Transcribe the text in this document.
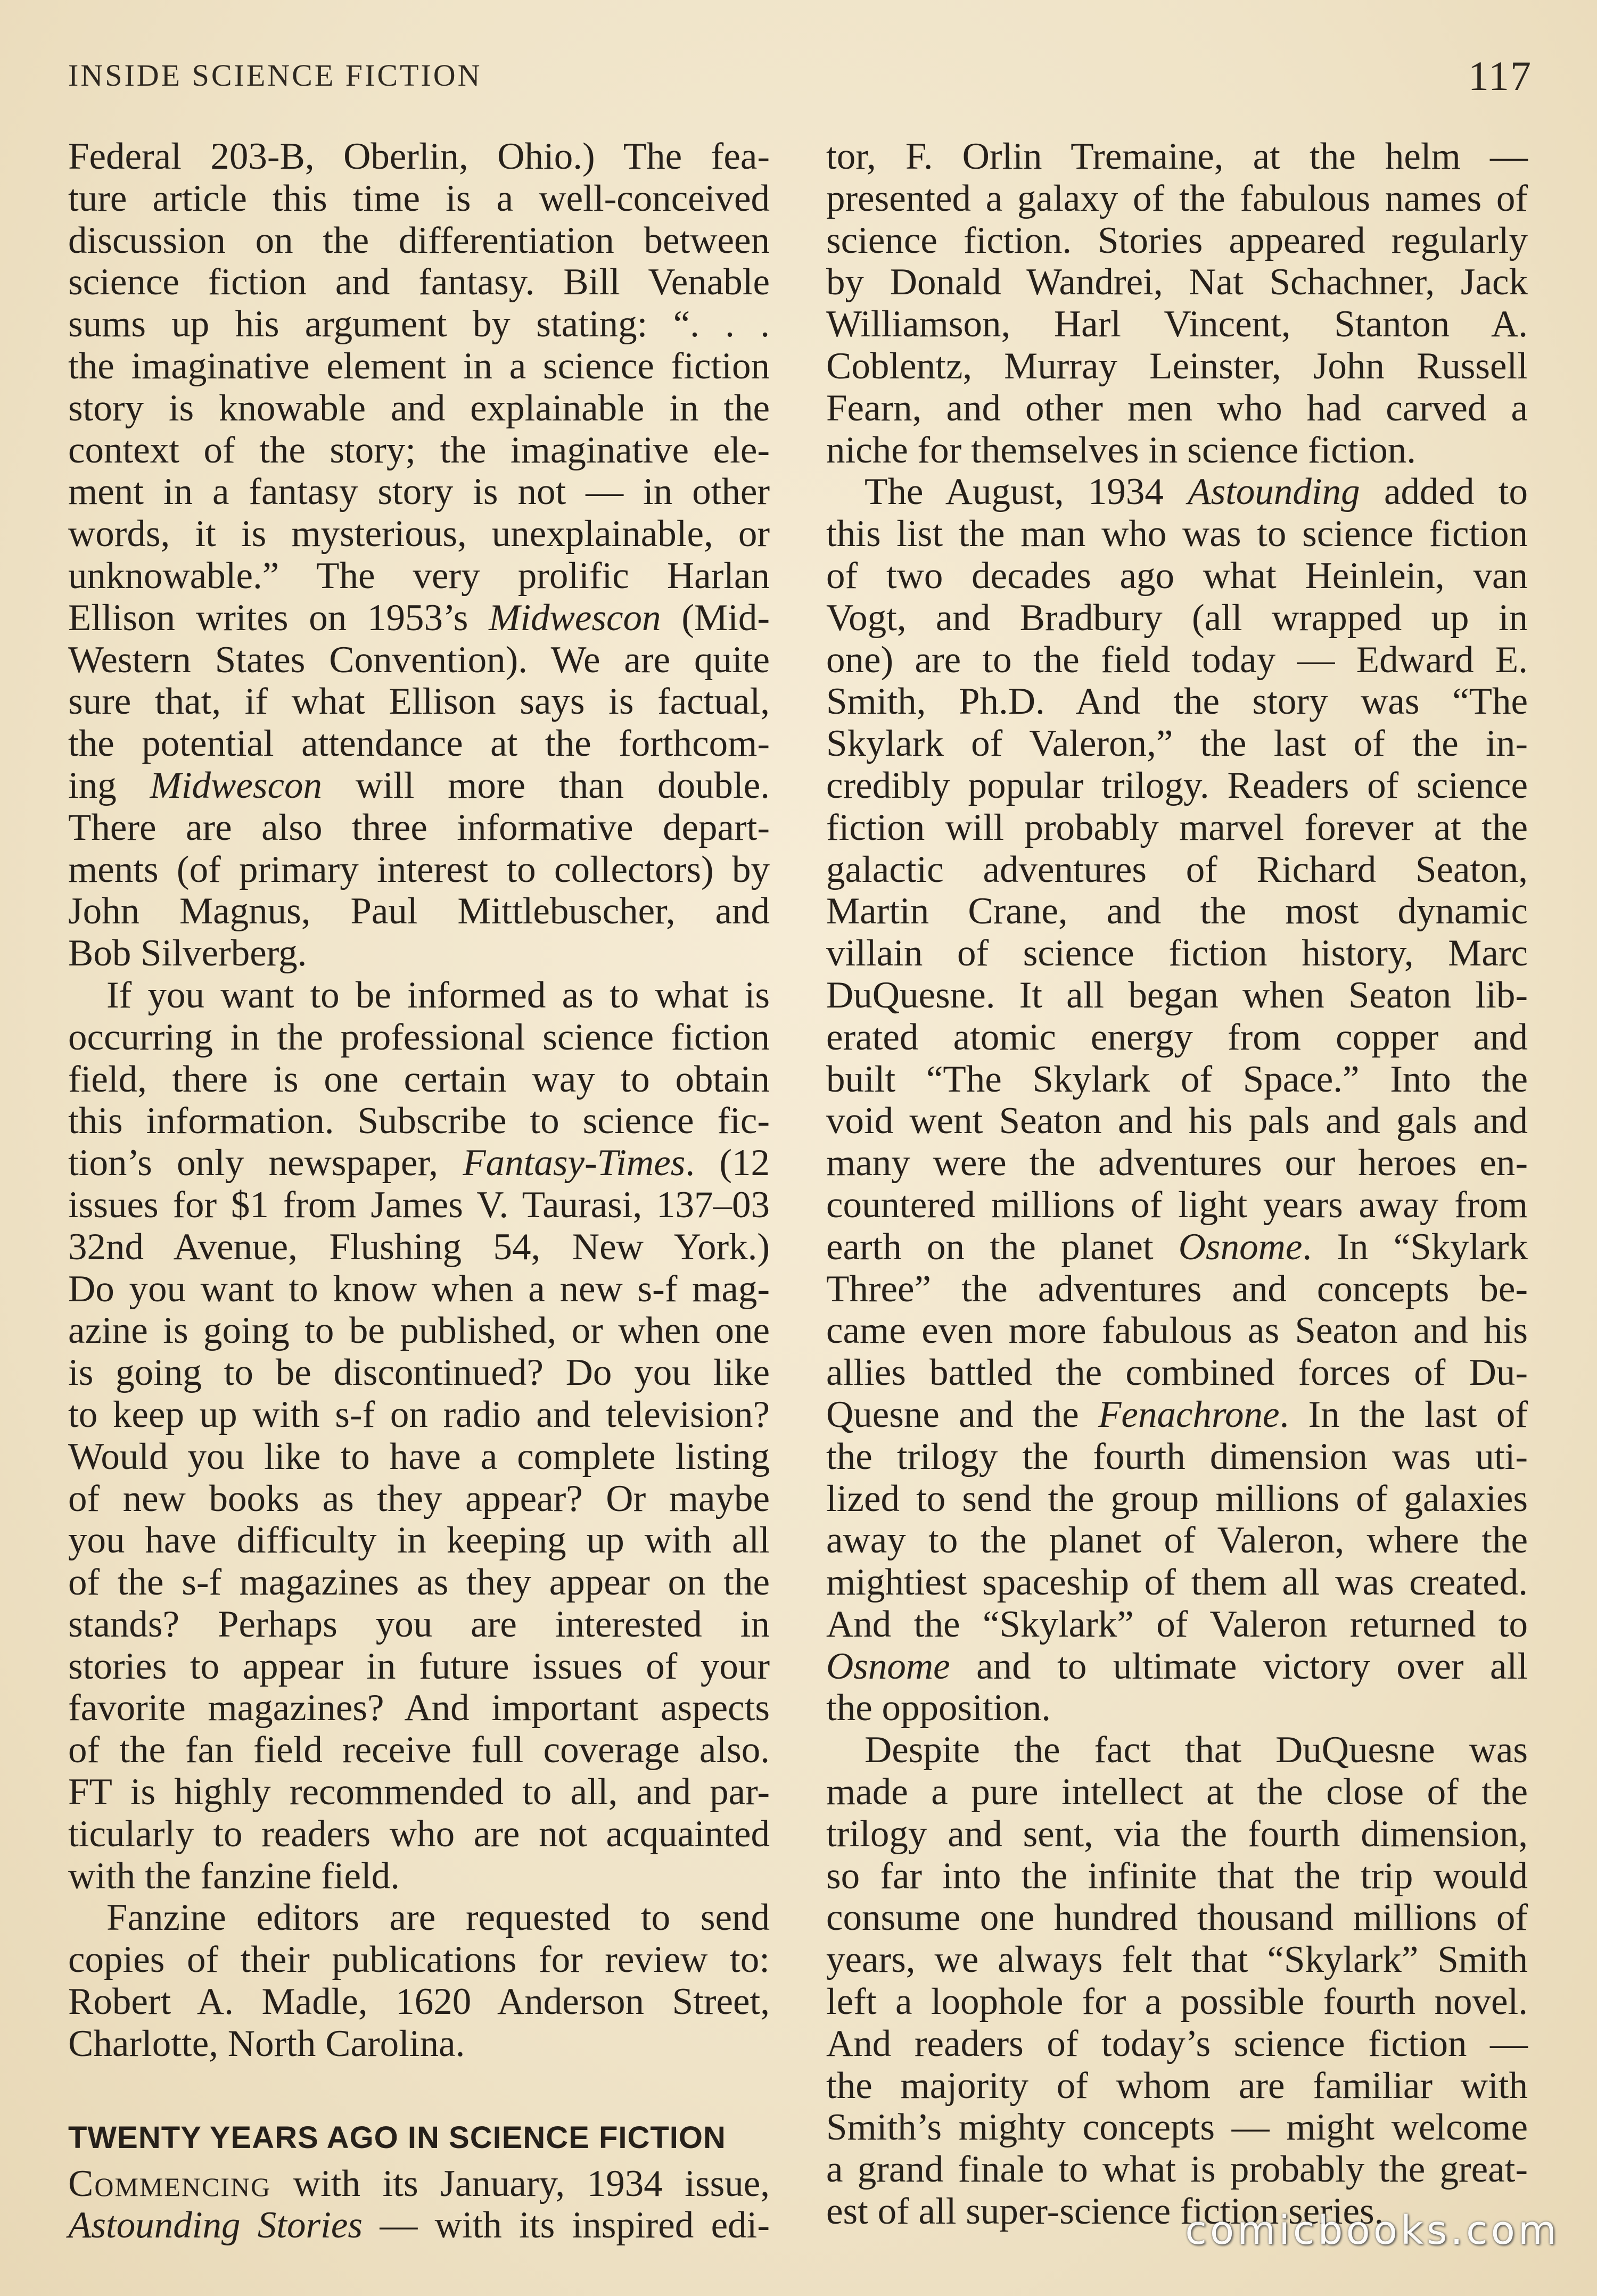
INSIDE SCIENCE FICTION	117

Federal 203-B, Oberlin, Ohio.) The fea-
ture article this time is a well-conceived
discussion on the differentiation between
science fiction and fantasy. Bill Venable
sums up his argument by stating: “. . .
the imaginative element in a science fiction
story is knowable and explainable in the
context of the story; the imaginative ele-
ment in a fantasy story is not — in other
words, it is mysterious, unexplainable, or
unknowable.” The very prolific Harlan
Ellison writes on 1953’s Midwescon (Mid-
Western States Convention). We are quite
sure that, if what Ellison says is factual,
the potential attendance at the forthcom-
ing Midwescon will more than double.
There are also three informative depart-
ments (of primary interest to collectors) by
John Magnus, Paul Mittlebuscher, and
Bob Silverberg.

If you want to be informed as to what is
occurring in the professional science fiction
field, there is one certain way to obtain
this information. Subscribe to science fic-
tion’s only newspaper, Fantasy-Times. (12
issues for $1 from James V. Taurasi, 137–03
32nd Avenue, Flushing 54, New York.)
Do you want to know when a new s-f mag-
azine is going to be published, or when one
is going to be discontinued? Do you like
to keep up with s-f on radio and television?
Would you like to have a complete listing
of new books as they appear? Or maybe
you have difficulty in keeping up with all
of the s-f magazines as they appear on the
stands? Perhaps you are interested in
stories to appear in future issues of your
favorite magazines? And important aspects
of the fan field receive full coverage also.
FT is highly recommended to all, and par-
ticularly to readers who are not acquainted
with the fanzine field.

Fanzine editors are requested to send
copies of their publications for review to:
Robert A. Madle, 1620 Anderson Street,
Charlotte, North Carolina.

TWENTY YEARS AGO IN SCIENCE FICTION

Commencing with its January, 1934 issue,
Astounding Stories — with its inspired edi-

tor, F. Orlin Tremaine, at the helm —
presented a galaxy of the fabulous names of
science fiction. Stories appeared regularly
by Donald Wandrei, Nat Schachner, Jack
Williamson, Harl Vincent, Stanton A.
Coblentz, Murray Leinster, John Russell
Fearn, and other men who had carved a
niche for themselves in science fiction.

The August, 1934 Astounding added to
this list the man who was to science fiction
of two decades ago what Heinlein, van
Vogt, and Bradbury (all wrapped up in
one) are to the field today — Edward E.
Smith, Ph.D. And the story was “The
Skylark of Valeron,” the last of the in-
credibly popular trilogy. Readers of science
fiction will probably marvel forever at the
galactic adventures of Richard Seaton,
Martin Crane, and the most dynamic
villain of science fiction history, Marc
DuQuesne. It all began when Seaton lib-
erated atomic energy from copper and
built “The Skylark of Space.” Into the
void went Seaton and his pals and gals and
many were the adventures our heroes en-
countered millions of light years away from
earth on the planet Osnome. In “Skylark
Three” the adventures and concepts be-
came even more fabulous as Seaton and his
allies battled the combined forces of Du-
Quesne and the Fenachrone. In the last of
the trilogy the fourth dimension was uti-
lized to send the group millions of galaxies
away to the planet of Valeron, where the
mightiest spaceship of them all was created.
And the “Skylark” of Valeron returned to
Osnome and to ultimate victory over all
the opposition.

Despite the fact that DuQuesne was
made a pure intellect at the close of the
trilogy and sent, via the fourth dimension,
so far into the infinite that the trip would
consume one hundred thousand millions of
years, we always felt that “Skylark” Smith
left a loophole for a possible fourth novel.
And readers of today’s science fiction —
the majority of whom are familiar with
Smith’s mighty concepts — might welcome
a grand finale to what is probably the great-
est of all super-science fiction series.

comicbooks.com
